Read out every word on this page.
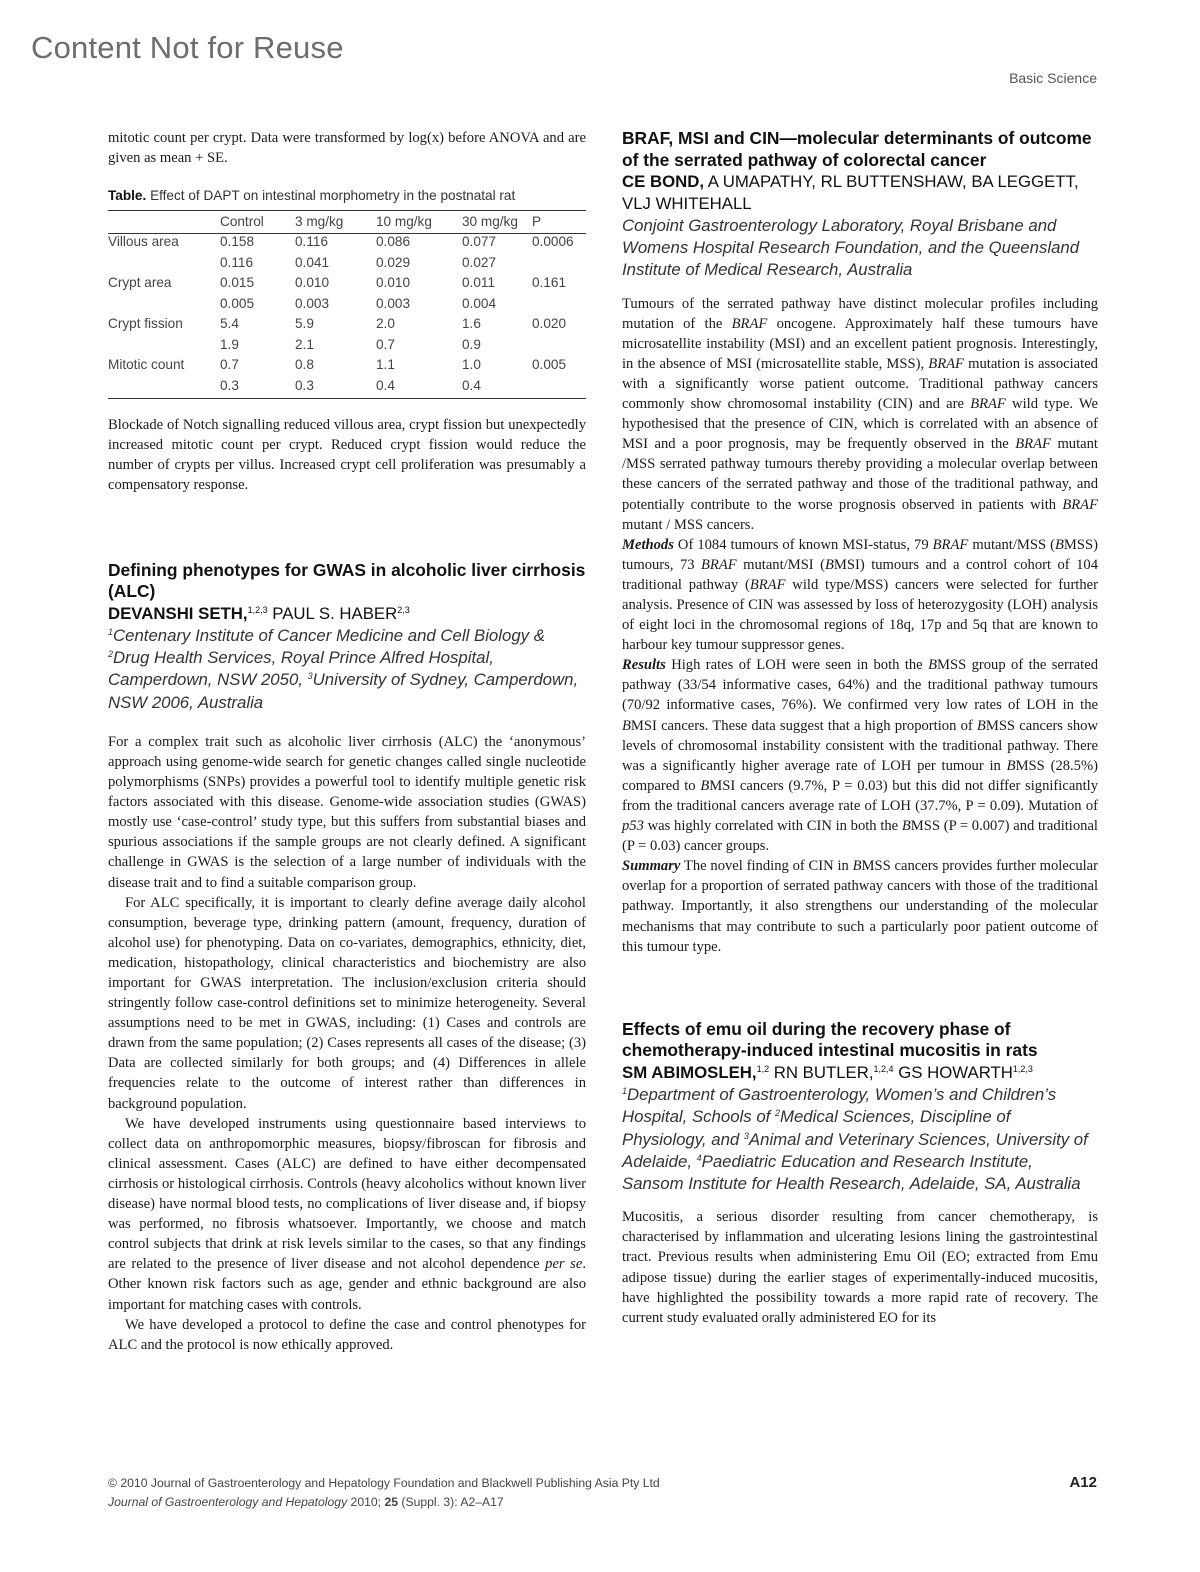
Content Not for Reuse
Basic Science

mitotic count per crypt. Data were transformed by log(x) before ANOVA and are given as mean + SE.

Table. Effect of DAPT on intestinal morphometry in the postnatal rat

	Control	3 mg/kg	10 mg/kg	30 mg/kg	P
Villous area	0.158	0.116	0.086	0.077	0.0006
	0.116	0.041	0.029	0.027	
Crypt area	0.015	0.010	0.010	0.011	0.161
	0.005	0.003	0.003	0.004	
Crypt fission	5.4	5.9	2.0	1.6	0.020
	1.9	2.1	0.7	0.9	
Mitotic count	0.7	0.8	1.1	1.0	0.005
	0.3	0.3	0.4	0.4	

Blockade of Notch signalling reduced villous area, crypt fission but unexpectedly increased mitotic count per crypt. Reduced crypt fission would reduce the number of crypts per villus. Increased crypt cell proliferation was presumably a compensatory response.

Defining phenotypes for GWAS in alcoholic liver cirrhosis (ALC)

DEVANSHI SETH,$^{1,2,3}$ PAUL S. HABER$^{2,3}$

$^1$Centenary Institute of Cancer Medicine and Cell Biology & $^2$Drug Health Services, Royal Prince Alfred Hospital, Camperdown, NSW 2050, $^3$University of Sydney, Camperdown, NSW 2006, Australia

For a complex trait such as alcoholic liver cirrhosis (ALC) the ‘anonymous’ approach using genome-wide search for genetic changes called single nucleotide polymorphisms (SNPs) provides a powerful tool to identify multiple genetic risk factors associated with this disease. Genome-wide association studies (GWAS) mostly use ‘case-control’ study type, but this suffers from substantial biases and spurious associations if the sample groups are not clearly defined. A significant challenge in GWAS is the selection of a large number of individuals with the disease trait and to find a suitable comparison group.

For ALC specifically, it is important to clearly define average daily alcohol consumption, beverage type, drinking pattern (amount, frequency, duration of alcohol use) for phenotyping. Data on co-variates, demographics, ethnicity, diet, medication, histopathology, clinical characteristics and biochemistry are also important for GWAS interpretation. The inclusion/exclusion criteria should stringently follow case-control definitions set to minimize heterogeneity. Several assumptions need to be met in GWAS, including: (1) Cases and controls are drawn from the same population; (2) Cases represents all cases of the disease; (3) Data are collected similarly for both groups; and (4) Differences in allele frequencies relate to the outcome of interest rather than differences in background population.

We have developed instruments using questionnaire based interviews to collect data on anthropomorphic measures, biopsy/fibroscan for fibrosis and clinical assessment. Cases (ALC) are defined to have either decompensated cirrhosis or histological cirrhosis. Controls (heavy alcoholics without known liver disease) have normal blood tests, no complications of liver disease and, if biopsy was performed, no fibrosis whatsoever. Importantly, we choose and match control subjects that drink at risk levels similar to the cases, so that any findings are related to the presence of liver disease and not alcohol dependence per se. Other known risk factors such as age, gender and ethnic background are also important for matching cases with controls.

We have developed a protocol to define the case and control phenotypes for ALC and the protocol is now ethically approved.

BRAF, MSI and CIN—molecular determinants of outcome of the serrated pathway of colorectal cancer

CE BOND, A UMAPATHY, RL BUTTENSHAW, BA LEGGETT, VLJ WHITEHALL

Conjoint Gastroenterology Laboratory, Royal Brisbane and Womens Hospital Research Foundation, and the Queensland Institute of Medical Research, Australia

Tumours of the serrated pathway have distinct molecular profiles including mutation of the BRAF oncogene. Approximately half these tumours have microsatellite instability (MSI) and an excellent patient prognosis. Interestingly, in the absence of MSI (microsatellite stable, MSS), BRAF mutation is associated with a significantly worse patient outcome. Traditional pathway cancers commonly show chromosomal instability (CIN) and are BRAF wild type. We hypothesised that the presence of CIN, which is correlated with an absence of MSI and a poor prognosis, may be frequently observed in the BRAF mutant /MSS serrated pathway tumours thereby providing a molecular overlap between these cancers of the serrated pathway and those of the traditional pathway, and potentially contribute to the worse prognosis observed in patients with BRAF mutant / MSS cancers.

Methods Of 1084 tumours of known MSI-status, 79 BRAF mutant/MSS (BMSS) tumours, 73 BRAF mutant/MSI (BMSI) tumours and a control cohort of 104 traditional pathway (BRAF wild type/MSS) cancers were selected for further analysis. Presence of CIN was assessed by loss of heterozygosity (LOH) analysis of eight loci in the chromosomal regions of 18q, 17p and 5q that are known to harbour key tumour suppressor genes.

Results High rates of LOH were seen in both the BMSS group of the serrated pathway (33/54 informative cases, 64%) and the traditional pathway tumours (70/92 informative cases, 76%). We confirmed very low rates of LOH in the BMSI cancers. These data suggest that a high proportion of BMSS cancers show levels of chromosomal instability consistent with the traditional pathway. There was a significantly higher average rate of LOH per tumour in BMSS (28.5%) compared to BMSI cancers (9.7%, P = 0.03) but this did not differ significantly from the traditional cancers average rate of LOH (37.7%, P = 0.09). Mutation of p53 was highly correlated with CIN in both the BMSS (P = 0.007) and traditional (P = 0.03) cancer groups.

Summary The novel finding of CIN in BMSS cancers provides further molecular overlap for a proportion of serrated pathway cancers with those of the traditional pathway. Importantly, it also strengthens our understanding of the molecular mechanisms that may contribute to such a particularly poor patient outcome of this tumour type.

Effects of emu oil during the recovery phase of chemotherapy-induced intestinal mucositis in rats

SM ABIMOSLEH,$^{1,2}$ RN BUTLER,$^{1,2,4}$ GS HOWARTH$^{1,2,3}$

$^1$Department of Gastroenterology, Women’s and Children’s Hospital, Schools of $^2$Medical Sciences, Discipline of Physiology, and $^3$Animal and Veterinary Sciences, University of Adelaide, $^4$Paediatric Education and Research Institute, Sansom Institute for Health Research, Adelaide, SA, Australia

Mucositis, a serious disorder resulting from cancer chemotherapy, is characterised by inflammation and ulcerating lesions lining the gastrointestinal tract. Previous results when administering Emu Oil (EO; extracted from Emu adipose tissue) during the earlier stages of experimentally-induced mucositis, have highlighted the possibility towards a more rapid rate of recovery. The current study evaluated orally administered EO for its

© 2010 Journal of Gastroenterology and Hepatology Foundation and Blackwell Publishing Asia Pty Ltd
Journal of Gastroenterology and Hepatology 2010; 25 (Suppl. 3): A2–A17
A12
